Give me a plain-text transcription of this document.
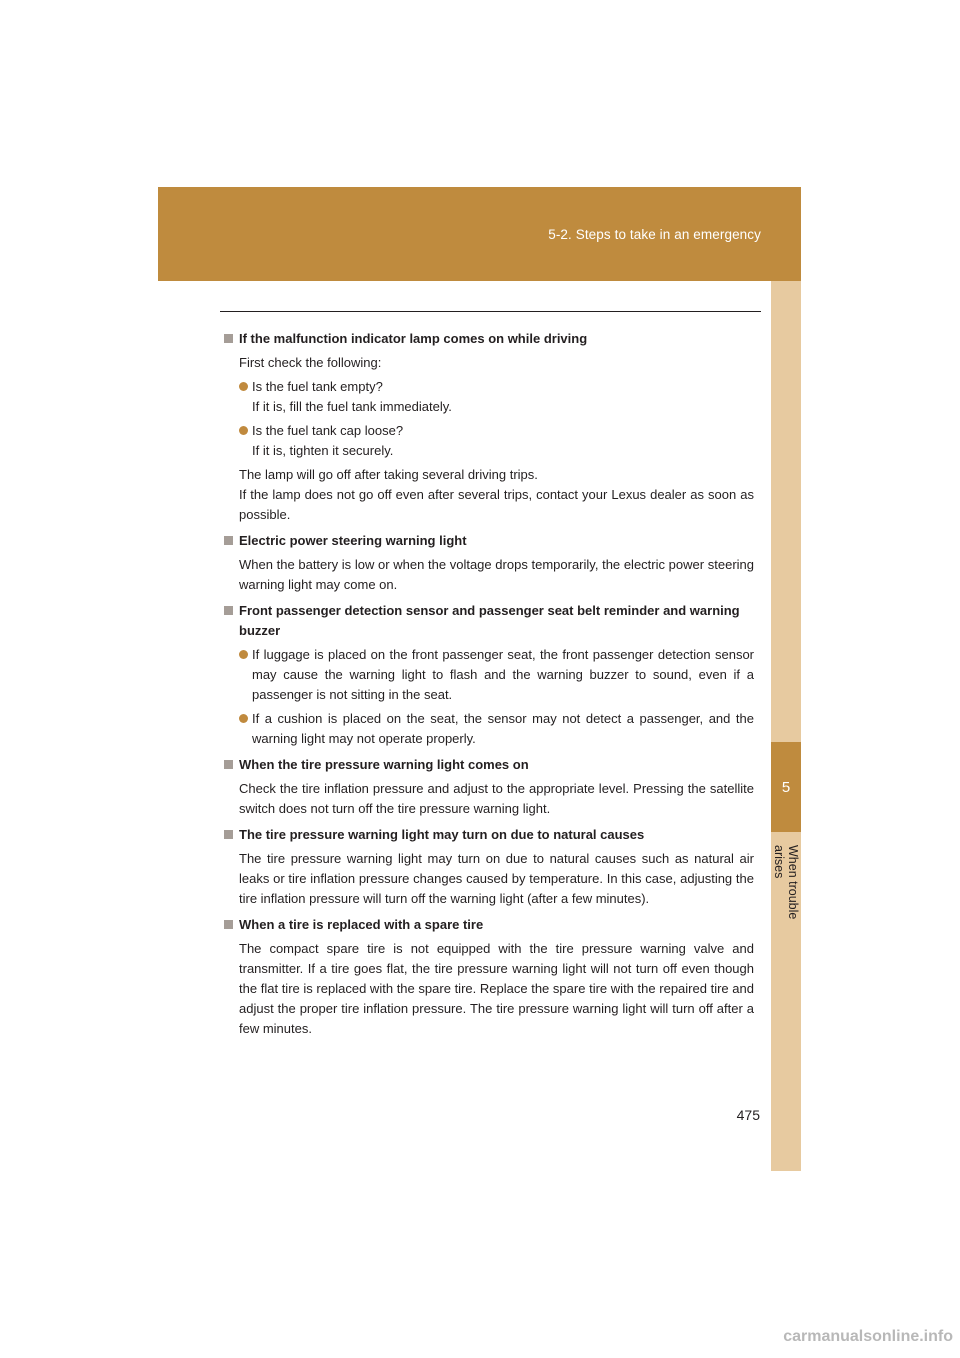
5-2. Steps to take in an emergency
5
When trouble arises
If the malfunction indicator lamp comes on while driving
First check the following:
Is the fuel tank empty?
If it is, fill the fuel tank immediately.
Is the fuel tank cap loose?
If it is, tighten it securely.
The lamp will go off after taking several driving trips.
If the lamp does not go off even after several trips, contact your Lexus dealer as soon as possible.
Electric power steering warning light
When the battery is low or when the voltage drops temporarily, the electric power steering warning light may come on.
Front passenger detection sensor and passenger seat belt reminder and warning buzzer
If luggage is placed on the front passenger seat, the front passenger detection sensor may cause the warning light to flash and the warning buzzer to sound, even if a passenger is not sitting in the seat.
If a cushion is placed on the seat, the sensor may not detect a passenger, and the warning light may not operate properly.
When the tire pressure warning light comes on
Check the tire inflation pressure and adjust to the appropriate level. Pressing the satellite switch does not turn off the tire pressure warning light.
The tire pressure warning light may turn on due to natural causes
The tire pressure warning light may turn on due to natural causes such as natural air leaks or tire inflation pressure changes caused by temperature. In this case, adjusting the tire inflation pressure will turn off the warning light (after a few minutes).
When a tire is replaced with a spare tire
The compact spare tire is not equipped with the tire pressure warning valve and transmitter. If a tire goes flat, the tire pressure warning light will not turn off even though the flat tire is replaced with the spare tire. Replace the spare tire with the repaired tire and adjust the proper tire inflation pressure. The tire pressure warning light will turn off after a few minutes.
475
carmanualsonline.info
